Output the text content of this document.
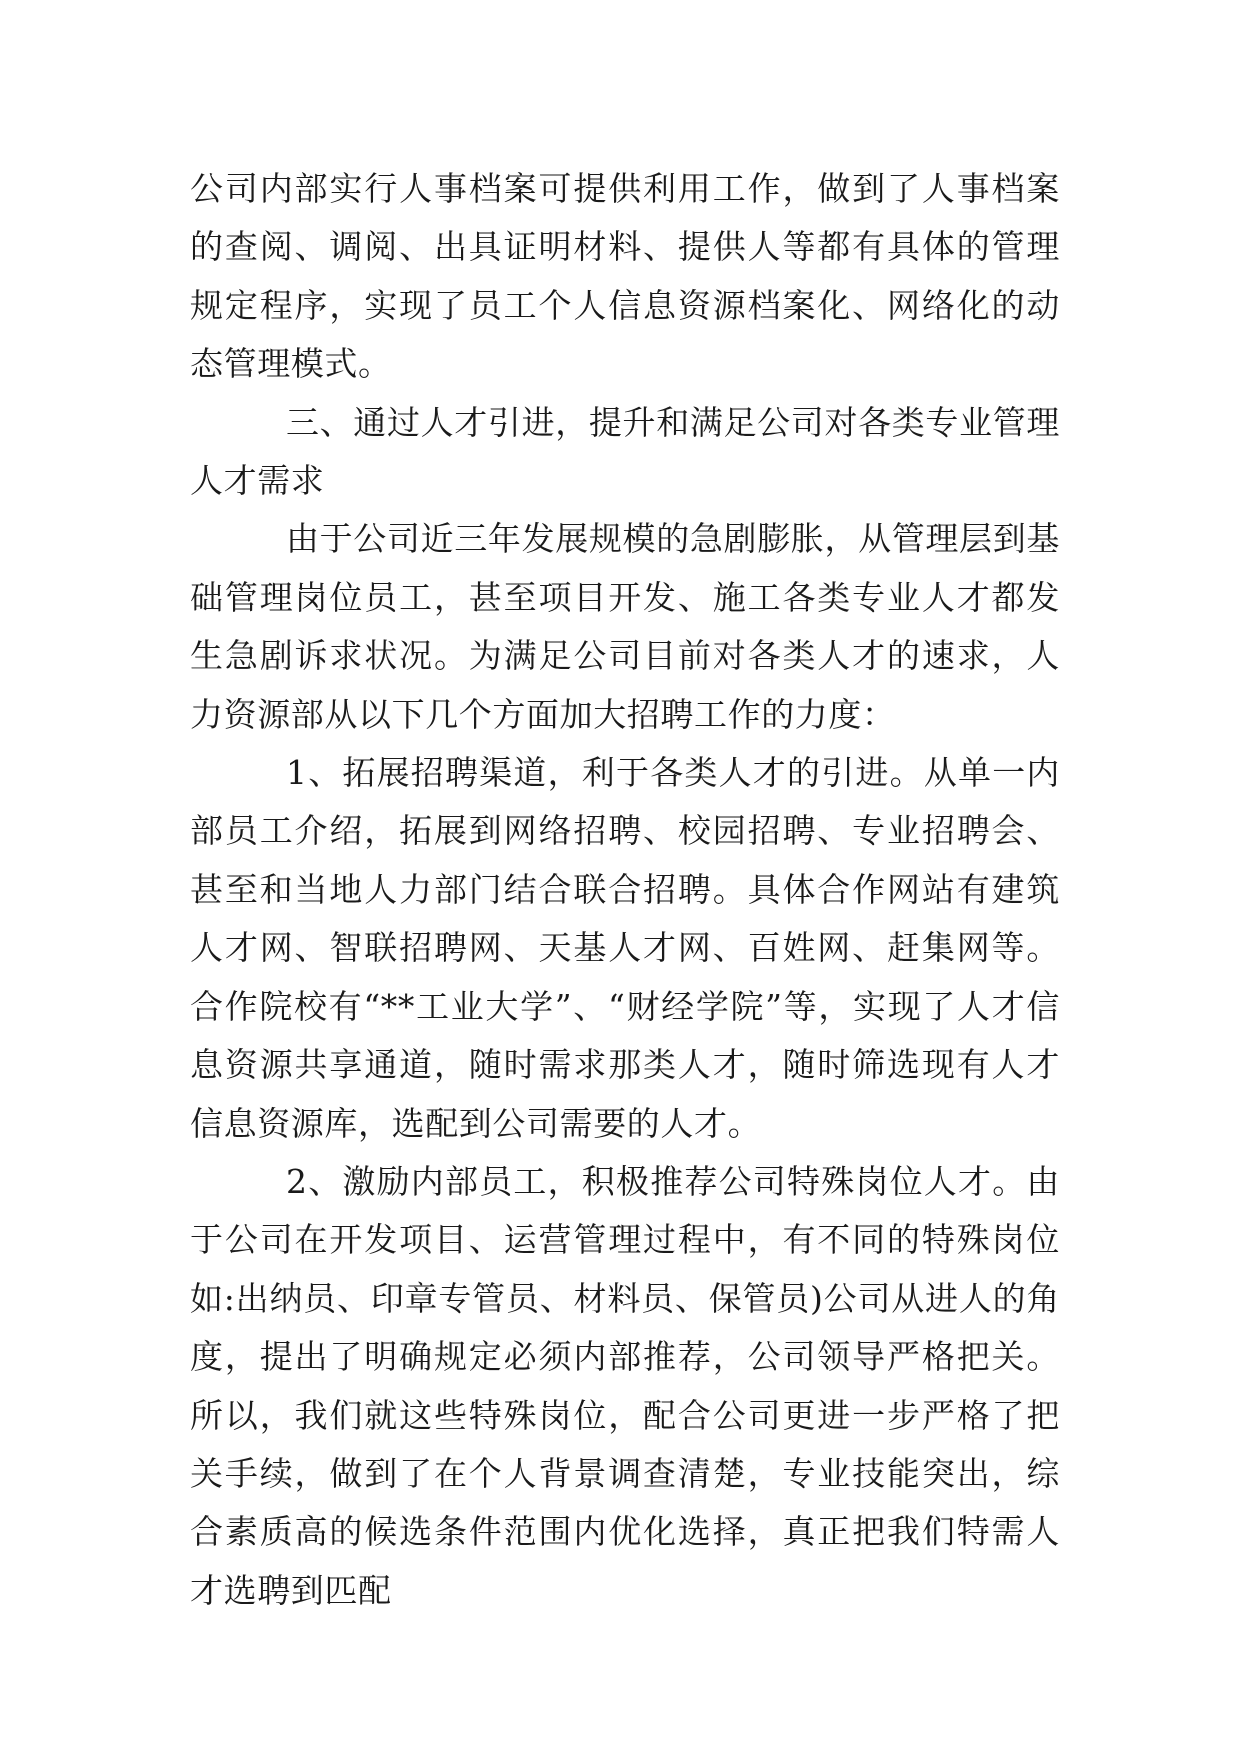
公司内部实行人事档案可提供利用工作，做到了人事档案的查阅、调阅、出具证明材料、提供人等都有具体的管理规定程序，实现了员工个人信息资源档案化、网络化的动态管理模式。

三、通过人才引进，提升和满足公司对各类专业管理人才需求

由于公司近三年发展规模的急剧膨胀，从管理层到基础管理岗位员工，甚至项目开发、施工各类专业人才都发生急剧诉求状况。为满足公司目前对各类人才的速求，人力资源部从以下几个方面加大招聘工作的力度：

1、拓展招聘渠道，利于各类人才的引进。从单一内部员工介绍，拓展到网络招聘、校园招聘、专业招聘会、甚至和当地人力部门结合联合招聘。具体合作网站有建筑人才网、智联招聘网、天基人才网、百姓网、赶集网等。合作院校有“**工业大学”、“财经学院”等，实现了人才信息资源共享通道，随时需求那类人才，随时筛选现有人才信息资源库，选配到公司需要的人才。

2、激励内部员工，积极推荐公司特殊岗位人才。由于公司在开发项目、运营管理过程中，有不同的特殊岗位如:出纳员、印章专管员、材料员、保管员)公司从进人的角度，提出了明确规定必须内部推荐，公司领导严格把关。所以，我们就这些特殊岗位，配合公司更进一步严格了把关手续，做到了在个人背景调查清楚，专业技能突出，综合素质高的候选条件范围内优化选择，真正把我们特需人才选聘到匹配
